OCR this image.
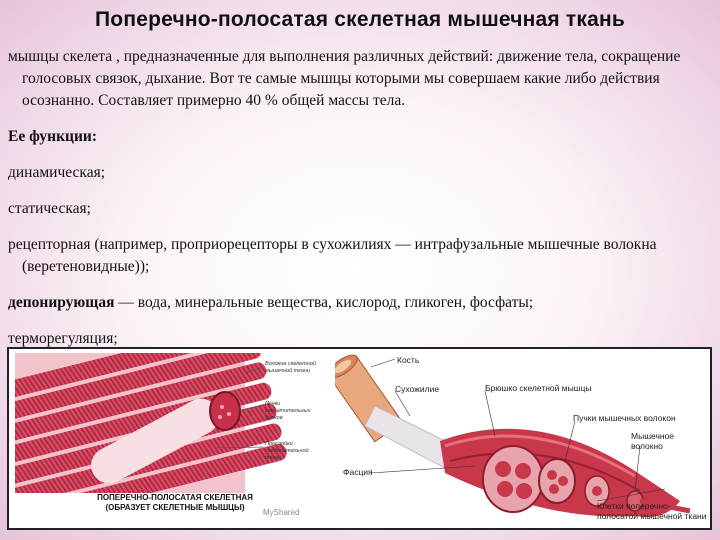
Поперечно-полосатая скелетная мышечная ткань

мышцы скелета , предназначенные для выполнения различных действий: движение тела, сокращение голосовых связок, дыхание. Вот те самые мышцы которыми мы совершаем какие либо действия осознанно. Составляет примерно 40 % общей массы тела.

Ее функции:

динамическая;

статическая;

рецепторная (например, проприорецепторы в сухожилиях — интрафузальные мышечные волокна (веретеновидные));

депонирующая — вода, минеральные вещества, кислород, гликоген, фосфаты;

терморегуляция;

Волокна скелетной мышечной ткани
Пучки сократительных белков
Прослойки соединительной ткани
ПОПЕРЕЧНО-ПОЛОСАТАЯ СКЕЛЕТНАЯ
(ОБРАЗУЕТ СКЕЛЕТНЫЕ МЫШЦЫ)
MyShared
Кость
Сухожилие	Брюшко скелетной мышцы
Пучки мышечных волокон
Мышечное волокно
Фасция
Клетки поперечно-полосатой мышечной ткани
